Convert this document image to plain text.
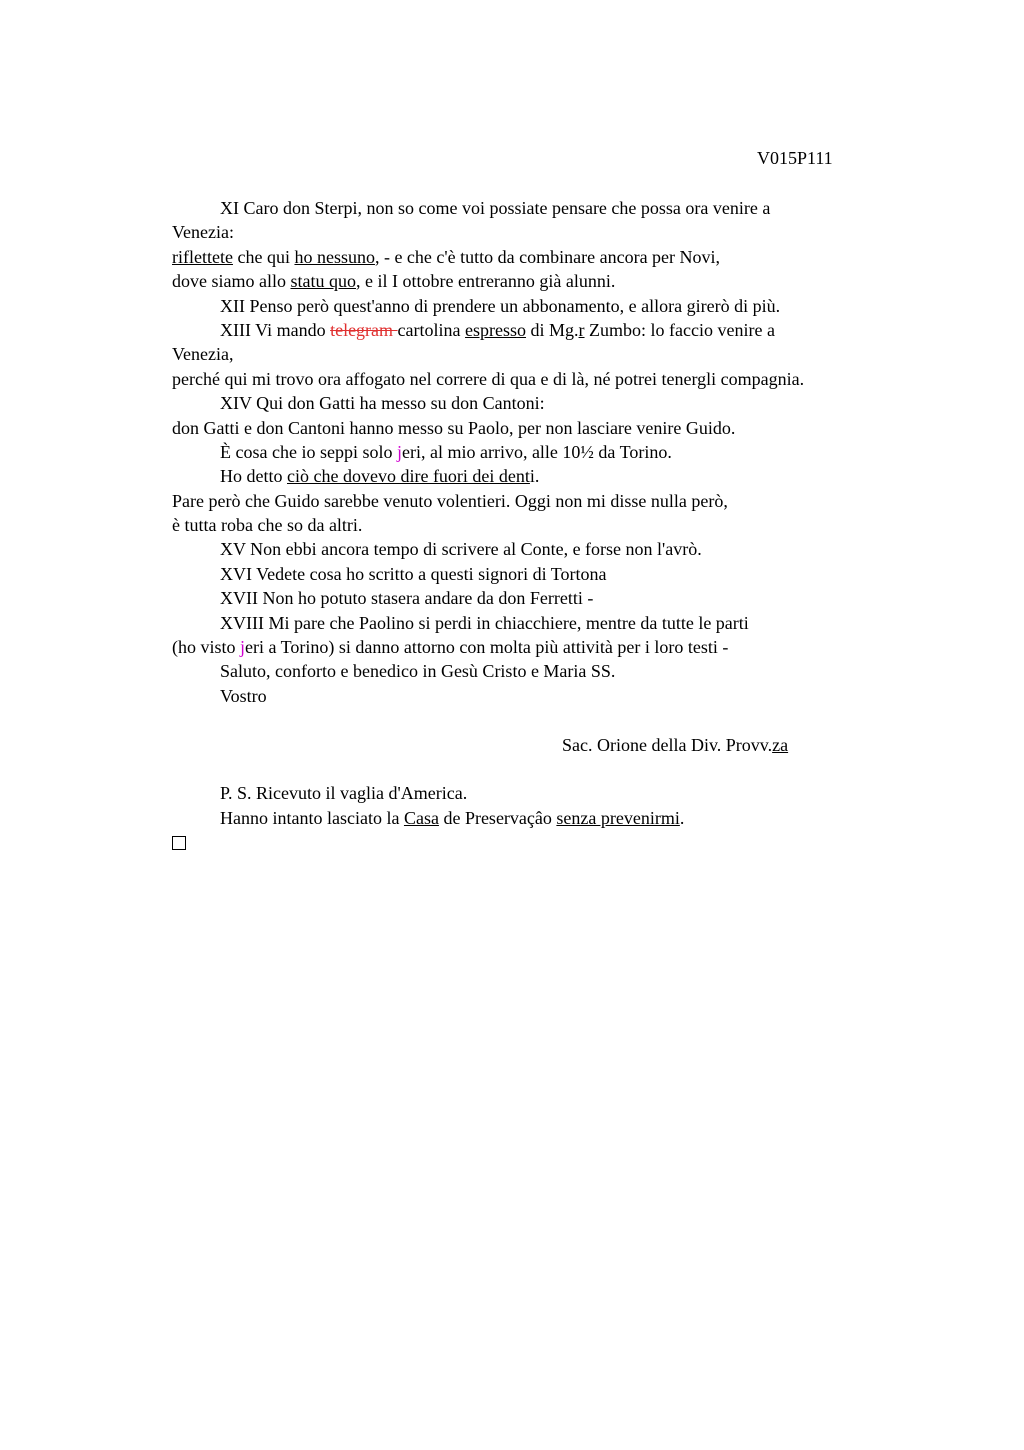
V015P111
XI Caro don Sterpi, non so come voi possiate pensare che possa ora venire a
Venezia:
riflettete che qui ho nessuno, - e che c'è tutto da combinare ancora per Novi,
dove siamo allo statu quo, e il I ottobre entreranno già alunni.
XII Penso però quest'anno di prendere un abbonamento, e allora girerò di più.
XIII Vi mando telegram cartolina espresso di Mg.r Zumbo: lo faccio venire a
Venezia,
perché qui mi trovo ora affogato nel correre di qua e di là, né potrei tenergli compagnia.
XIV Qui don Gatti ha messo su don Cantoni:
don Gatti e don Cantoni hanno messo su Paolo, per non lasciare venire Guido.
È cosa che io seppi solo jeri, al mio arrivo, alle 10½ da Torino.
Ho detto ciò che dovevo dire fuori dei denti.
Pare però che Guido sarebbe venuto volentieri. Oggi non mi disse nulla però,
è tutta roba che so da altri.
XV Non ebbi ancora tempo di scrivere al Conte, e forse non l'avrò.
XVI Vedete cosa ho scritto a questi signori di Tortona
XVII Non ho potuto stasera andare da don Ferretti -
XVIII Mi pare che Paolino si perdi in chiacchiere, mentre da tutte le parti
(ho visto jeri a Torino) si danno attorno con molta più attività per i loro testi -
Saluto, conforto e benedico in Gesù Cristo e Maria SS.
Vostro
Sac. Orione della Div. Provv.za
P. S. Ricevuto il vaglia d'America.
Hanno intanto lasciato la Casa de Preservaçâo senza prevenirmi.
